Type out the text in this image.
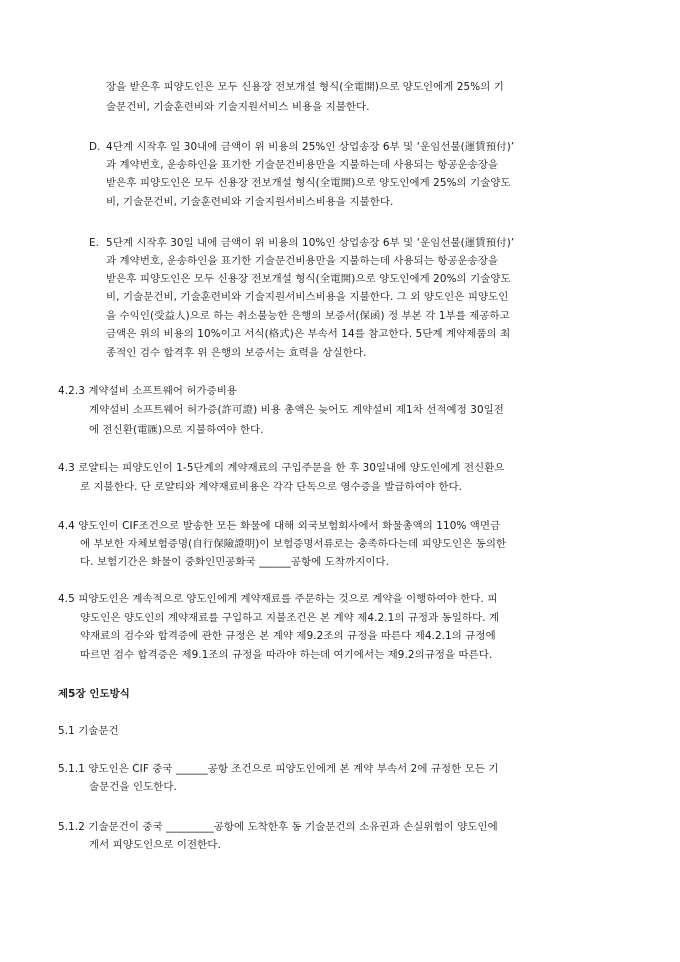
장을 받은후 피양도인은 모두 신용장 전보개설 형식(全電開)으로 양도인에게 25%의 기
술문건비, 기술훈련비와 기술지원서비스 비용을 지불한다.
D. 4단계 시작후 일 30내에 금액이 위 비용의 25%인 상업송장 6부 및 ‘운임선불(運賃預付)’
과 계약번호, 운송하인을 표기한 기술문건비용만을 지불하는데 사용되는 항공운송장을
받은후 피양도인은 모두 신용장 전보개설 형식(全電開)으로 양도인에게 25%의 기술양도
비, 기술문건비, 기술훈련비와 기술지원서비스비용을 지불한다.
E. 5단계 시작후 30일 내에 금액이 위 비용의 10%인 상업송장 6부 및 ‘운임선불(運賃預付)’
과 계약번호, 운송하인을 표기한 기술문건비용만을 지불하는데 사용되는 항공운송장을
받은후 피양도인은 모두 신용장 전보개설 형식(全電開)으로 양도인에게 20%의 기술양도
비, 기술문건비, 기술훈련비와 기술지원서비스비용을 지불한다. 그 외 양도인은 피양도인
을 수익인(受益人)으로 하는 취소불능한 은행의 보증서(保函) 정 부본 각 1부를 제공하고
금액은 위의 비용의 10%이고 서식(格式)은 부속서 14를 참고한다. 5단계 계약제품의 최
종적인 검수 합격후 위 은행의 보증서는 효력을 상실한다.
4.2.3 계약설비 소프트웨어 허가증비용
계약설비 소프트웨어 허가증(許可證) 비용 총액은 늦어도 계약설비 제1차 선적예정 30일전
에 전신환(電匯)으로 지불하여야 한다.
4.3 로얄티는 피양도인이 1-5단계의 계약재료의 구입주문을 한 후 30일내에 양도인에게 전신환으
로 지불한다. 단 로얄티와 계약재료비용은 각각 단독으로 영수증을 발급하여야 한다.
4.4 양도인이 CIF조건으로 발송한 모든 화물에 대해 외국보험회사에서 화물총액의 110% 액면금
에 부보한 자체보험증명(自行保險證明)이 보험증명서류로는 충족하다는데 피양도인은 동의한
다. 보험기간은 화물이 중화인민공화국 ______공항에 도착까지이다.
4.5 피양도인은 계속적으로 양도인에게 계약재료를 주문하는 것으로 계약을 이행하여야 한다. 피
양도인은 양도인의 계약재료를 구입하고 지불조건은 본 계약 제4.2.1의 규정과 동일하다. 계
약재료의 검수와 합격증에 관한 규정은 본 계약 제9.2조의 규정을 따른다 제4.2.1의 규정에
따르면 검수 합격증은 제9.1조의 규정을 따라야 하는데 여기에서는 제9.2의규정을 따른다.
제5장 인도방식
5.1 기술문건
5.1.1 양도인은 CIF 중국 ______공항 조건으로 피양도인에게 본 계약 부속서 2에 규정한 모든 기
술문건을 인도한다.
5.1.2 기술문건이 중국 _________공항에 도착한후 동 기술문건의 소유권과 손실위험이 양도인에
게서 피양도인으로 이전한다.
